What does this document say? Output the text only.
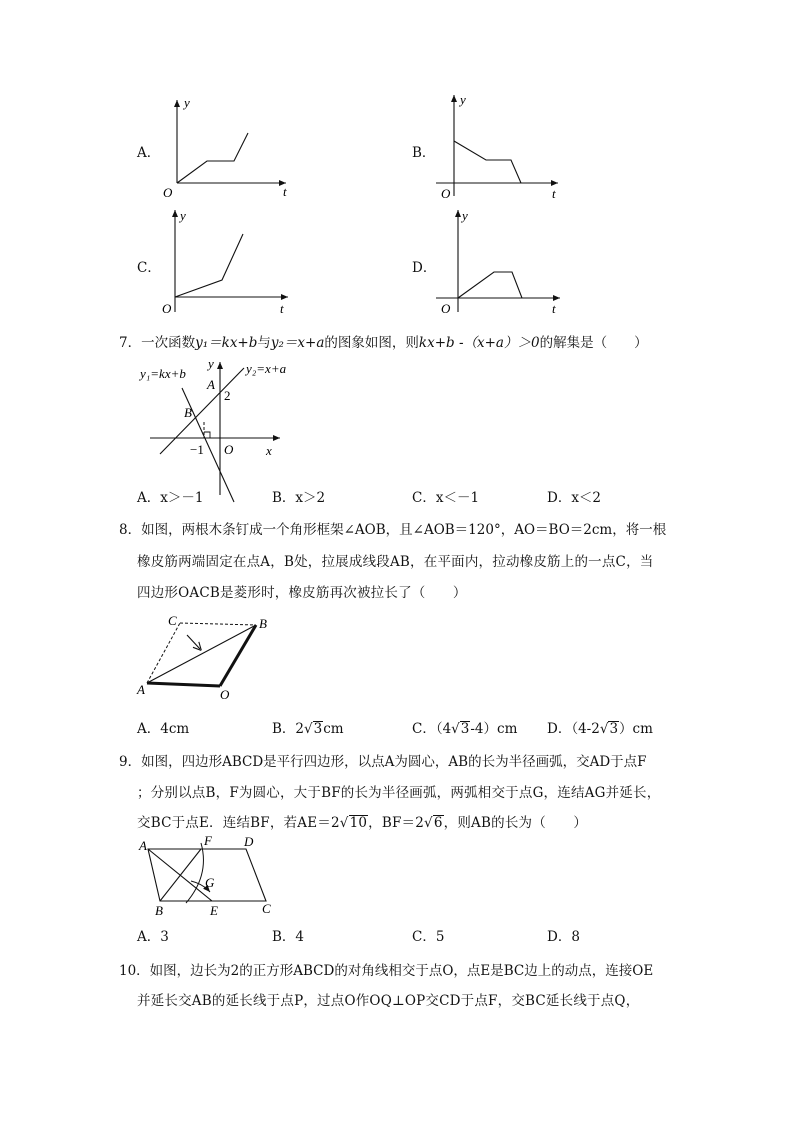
A．	B．
C．	D．
y
t
O
y
t
O
y
t
O
y
t
O
7．一次函数y₁＝kx+b与y₂＝x+a的图象如图，则kx+b -（x+a）＞0的解集是（　　）
y₁=kx+b	y₂=x+a
y
x
A
2
B
−1 O
A．x＞－1	B．x＞2	C．x＜－1	D．x＜2
8．如图，两根木条钉成一个角形框架∠AOB，且∠AOB＝120°，AO＝BO＝2cm，将一根
橡皮筋两端固定在点A，B处，拉展成线段AB，在平面内，拉动橡皮筋上的一点C，当
四边形OACB是菱形时，橡皮筋再次被拉长了（　　）
C	B
A	O
A．4cm	B．2√3cm	C．（4√3-4）cm D．（4-2√3）cm
9．如图，四边形ABCD是平行四边形，以点A为圆心，AB的长为半径画弧，交AD于点F
；分别以点B，F为圆心，大于BF的长为半径画弧，两弧相交于点G，连结AG并延长，
交BC于点E．连结BF，若AE＝2√10，BF＝2√6，则AB的长为（　　）
A	F D
G
B	E	C
A．3	B．4	C．5	D．8
10．如图，边长为2的正方形ABCD的对角线相交于点O，点E是BC边上的动点，连接OE
并延长交AB的延长线于点P，过点O作OQ⊥OP交CD于点F，交BC延长线于点Q，
